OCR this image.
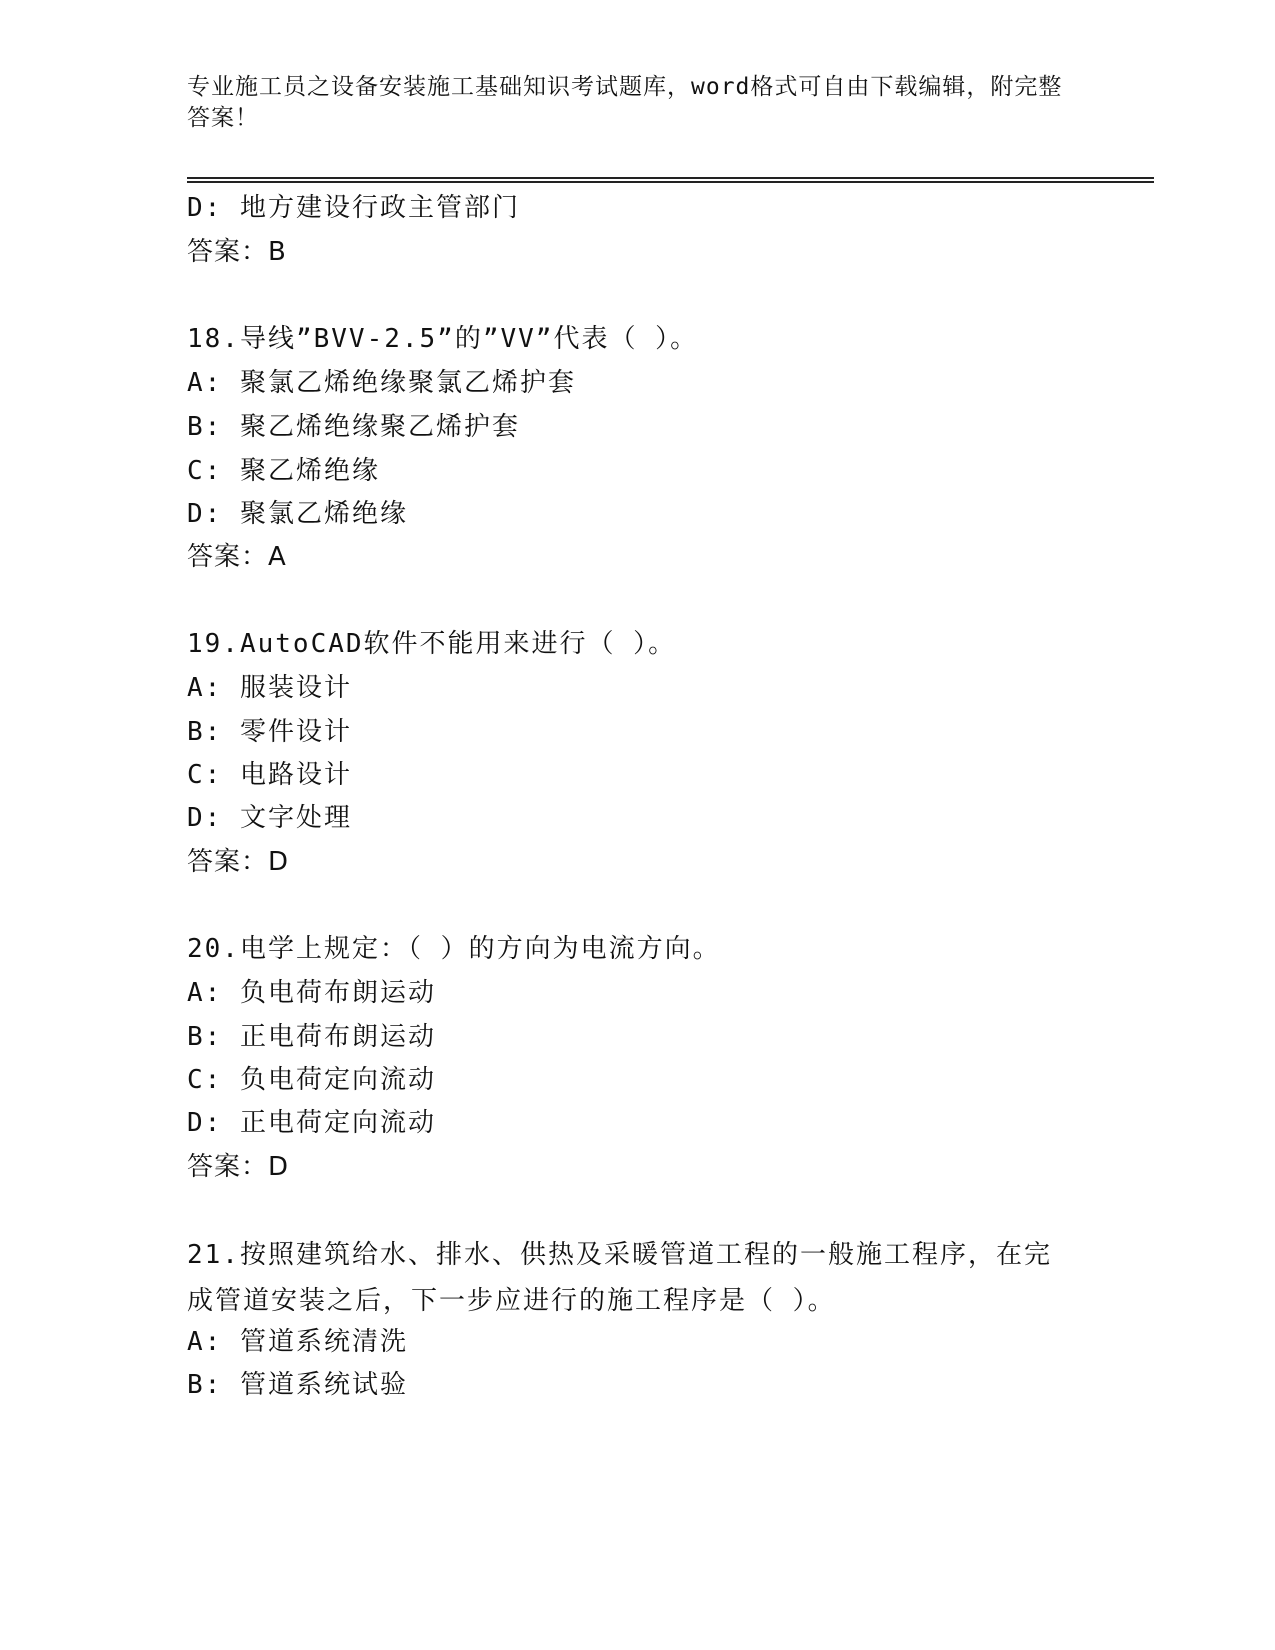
专业施工员之设备安装施工基础知识考试题库，word格式可自由下载编辑，附完整答案！
D: 地方建设行政主管部门
答案：B
18.导线”BVV-2.5”的”VV”代表（ ）。
A: 聚氯乙烯绝缘聚氯乙烯护套
B: 聚乙烯绝缘聚乙烯护套
C: 聚乙烯绝缘
D: 聚氯乙烯绝缘
答案：A
19.AutoCAD软件不能用来进行（ ）。
A: 服装设计
B: 零件设计
C: 电路设计
D: 文字处理
答案：D
20.电学上规定：（ ）的方向为电流方向。
A: 负电荷布朗运动
B: 正电荷布朗运动
C: 负电荷定向流动
D: 正电荷定向流动
答案：D
21.按照建筑给水、排水、供热及采暖管道工程的一般施工程序，在完成管道安装之后，下一步应进行的施工程序是（ ）。
A: 管道系统清洗
B: 管道系统试验
